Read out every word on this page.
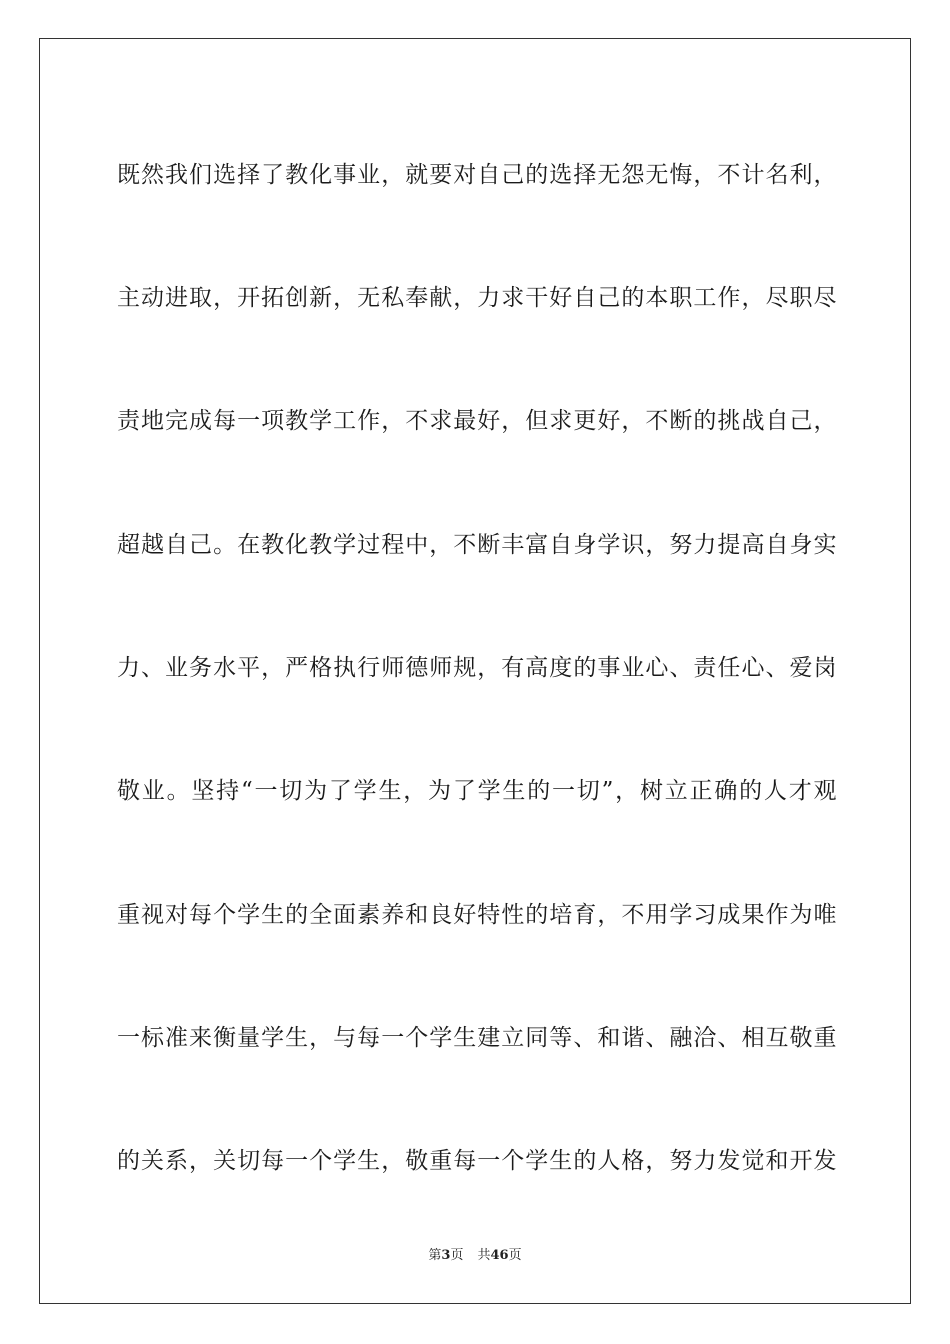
既然我们选择了教化事业，就要对自己的选择无怨无悔，不计名利，

主动进取，开拓创新，无私奉献，力求干好自己的本职工作，尽职尽

责地完成每一项教学工作，不求最好，但求更好，不断的挑战自己，

超越自己。在教化教学过程中，不断丰富自身学识，努力提高自身实

力、业务水平，严格执行师德师规，有高度的事业心、责任心、爱岗

敬业。坚持“一切为了学生，为了学生的一切”，树立正确的人才观

重视对每个学生的全面素养和良好特性的培育，不用学习成果作为唯

一标准来衡量学生，与每一个学生建立同等、和谐、融洽、相互敬重

的关系，关切每一个学生，敬重每一个学生的人格，努力发觉和开发

第3页 共46页
